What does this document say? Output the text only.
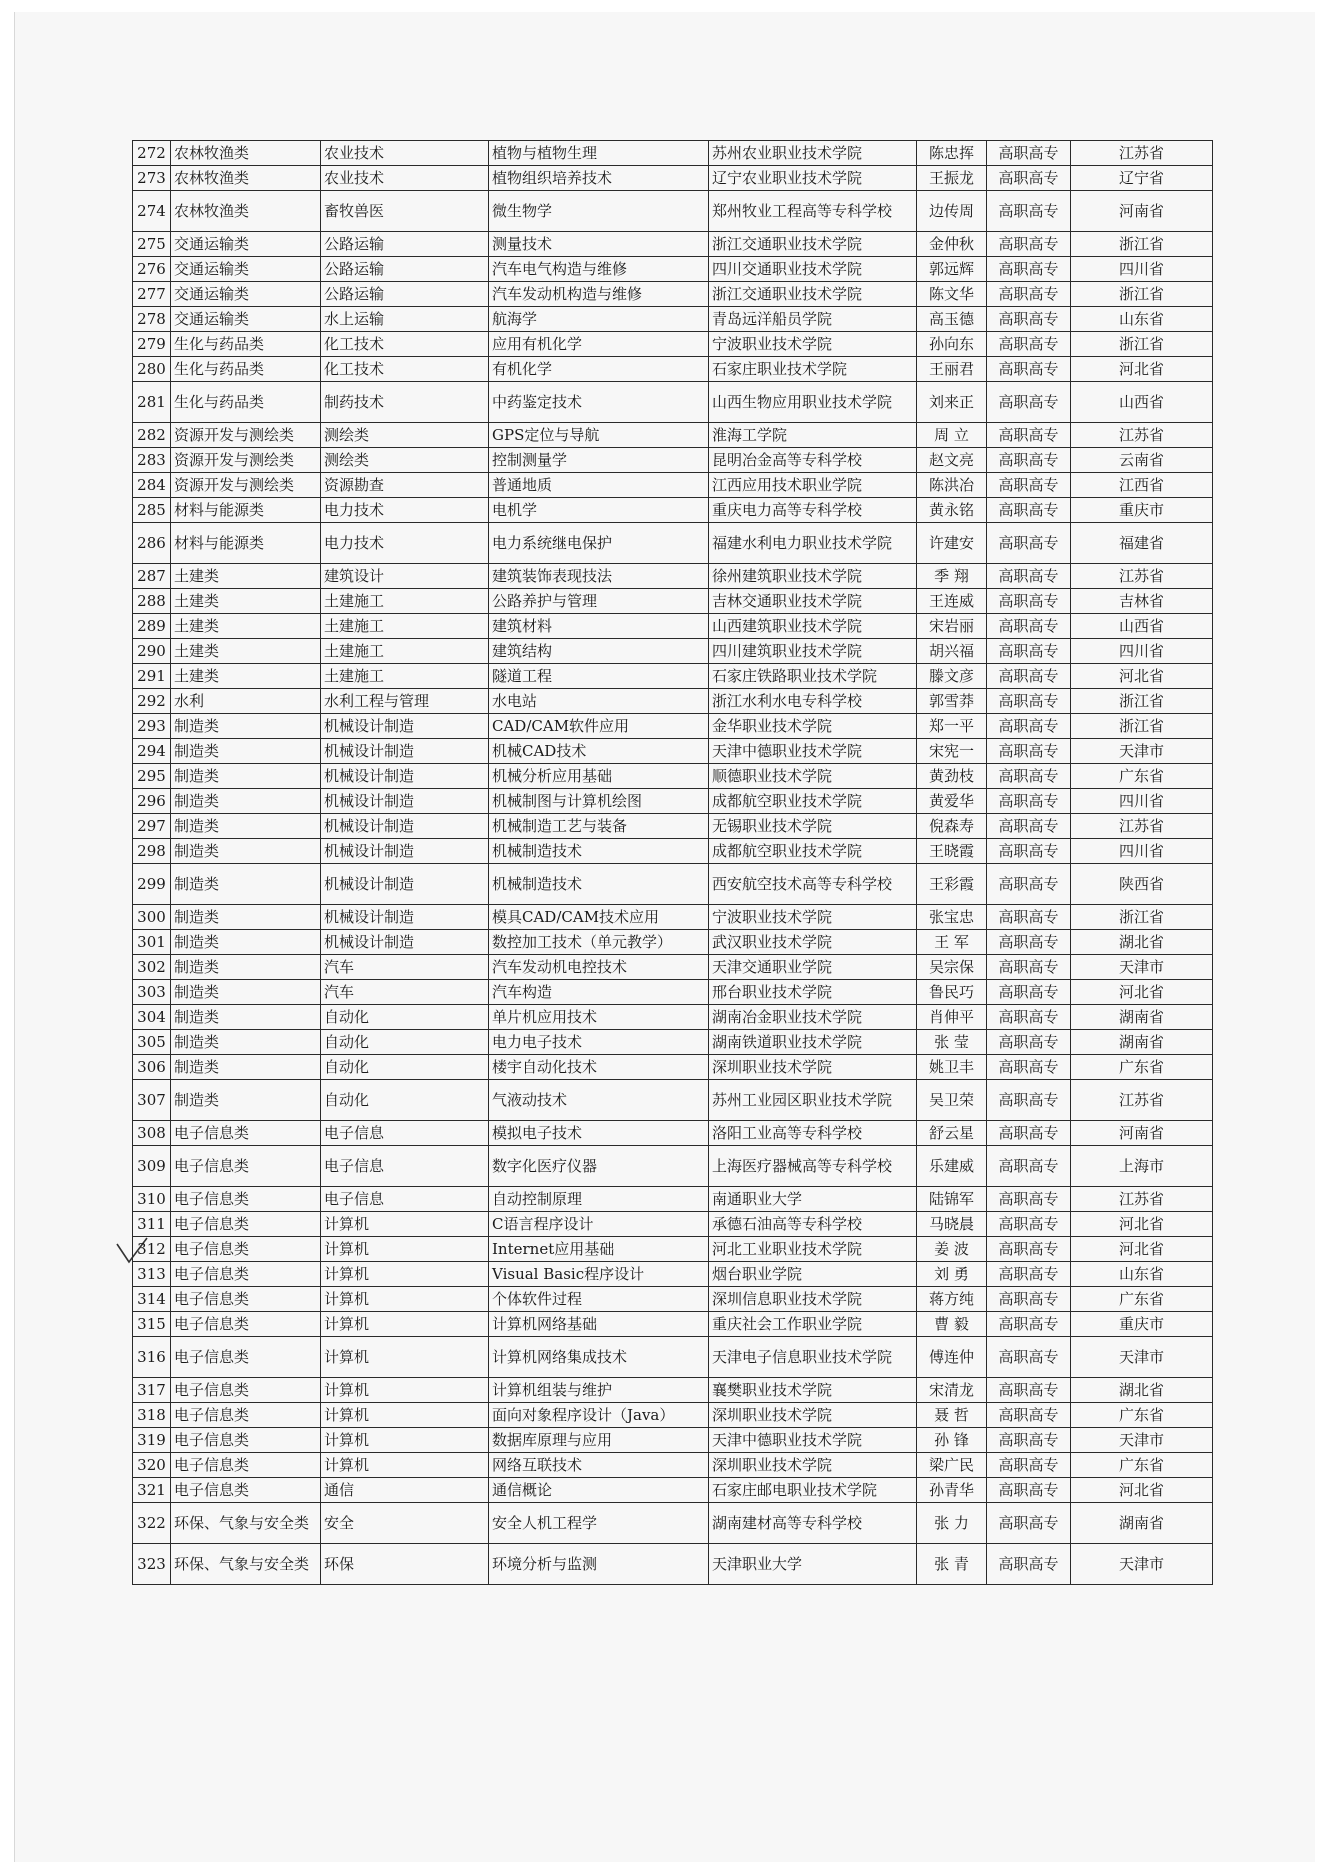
272	农林牧渔类	农业技术	植物与植物生理	苏州农业职业技术学院	陈忠挥	高职高专	江苏省
273	农林牧渔类	农业技术	植物组织培养技术	辽宁农业职业技术学院	王振龙	高职高专	辽宁省
274	农林牧渔类	畜牧兽医	微生物学	郑州牧业工程高等专科学校	边传周	高职高专	河南省
275	交通运输类	公路运输	测量技术	浙江交通职业技术学院	金仲秋	高职高专	浙江省
276	交通运输类	公路运输	汽车电气构造与维修	四川交通职业技术学院	郭远辉	高职高专	四川省
277	交通运输类	公路运输	汽车发动机构造与维修	浙江交通职业技术学院	陈文华	高职高专	浙江省
278	交通运输类	水上运输	航海学	青岛远洋船员学院	高玉德	高职高专	山东省
279	生化与药品类	化工技术	应用有机化学	宁波职业技术学院	孙向东	高职高专	浙江省
280	生化与药品类	化工技术	有机化学	石家庄职业技术学院	王丽君	高职高专	河北省
281	生化与药品类	制药技术	中药鉴定技术	山西生物应用职业技术学院	刘来正	高职高专	山西省
282	资源开发与测绘类	测绘类	GPS定位与导航	淮海工学院	周 立	高职高专	江苏省
283	资源开发与测绘类	测绘类	控制测量学	昆明冶金高等专科学校	赵文亮	高职高专	云南省
284	资源开发与测绘类	资源勘查	普通地质	江西应用技术职业学院	陈洪冶	高职高专	江西省
285	材料与能源类	电力技术	电机学	重庆电力高等专科学校	黄永铭	高职高专	重庆市
286	材料与能源类	电力技术	电力系统继电保护	福建水利电力职业技术学院	许建安	高职高专	福建省
287	土建类	建筑设计	建筑装饰表现技法	徐州建筑职业技术学院	季 翔	高职高专	江苏省
288	土建类	土建施工	公路养护与管理	吉林交通职业技术学院	王连威	高职高专	吉林省
289	土建类	土建施工	建筑材料	山西建筑职业技术学院	宋岩丽	高职高专	山西省
290	土建类	土建施工	建筑结构	四川建筑职业技术学院	胡兴福	高职高专	四川省
291	土建类	土建施工	隧道工程	石家庄铁路职业技术学院	滕文彦	高职高专	河北省
292	水利	水利工程与管理	水电站	浙江水利水电专科学校	郭雪莽	高职高专	浙江省
293	制造类	机械设计制造	CAD/CAM软件应用	金华职业技术学院	郑一平	高职高专	浙江省
294	制造类	机械设计制造	机械CAD技术	天津中德职业技术学院	宋宪一	高职高专	天津市
295	制造类	机械设计制造	机械分析应用基础	顺德职业技术学院	黄劲枝	高职高专	广东省
296	制造类	机械设计制造	机械制图与计算机绘图	成都航空职业技术学院	黄爱华	高职高专	四川省
297	制造类	机械设计制造	机械制造工艺与装备	无锡职业技术学院	倪森寿	高职高专	江苏省
298	制造类	机械设计制造	机械制造技术	成都航空职业技术学院	王晓霞	高职高专	四川省
299	制造类	机械设计制造	机械制造技术	西安航空技术高等专科学校	王彩霞	高职高专	陕西省
300	制造类	机械设计制造	模具CAD/CAM技术应用	宁波职业技术学院	张宝忠	高职高专	浙江省
301	制造类	机械设计制造	数控加工技术（单元教学）	武汉职业技术学院	王 军	高职高专	湖北省
302	制造类	汽车	汽车发动机电控技术	天津交通职业学院	吴宗保	高职高专	天津市
303	制造类	汽车	汽车构造	邢台职业技术学院	鲁民巧	高职高专	河北省
304	制造类	自动化	单片机应用技术	湖南冶金职业技术学院	肖伸平	高职高专	湖南省
305	制造类	自动化	电力电子技术	湖南铁道职业技术学院	张 莹	高职高专	湖南省
306	制造类	自动化	楼宇自动化技术	深圳职业技术学院	姚卫丰	高职高专	广东省
307	制造类	自动化	气液动技术	苏州工业园区职业技术学院	吴卫荣	高职高专	江苏省
308	电子信息类	电子信息	模拟电子技术	洛阳工业高等专科学校	舒云星	高职高专	河南省
309	电子信息类	电子信息	数字化医疗仪器	上海医疗器械高等专科学校	乐建威	高职高专	上海市
310	电子信息类	电子信息	自动控制原理	南通职业大学	陆锦军	高职高专	江苏省
311	电子信息类	计算机	C语言程序设计	承德石油高等专科学校	马晓晨	高职高专	河北省
312	电子信息类	计算机	Internet应用基础	河北工业职业技术学院	姜 波	高职高专	河北省
313	电子信息类	计算机	Visual Basic程序设计	烟台职业学院	刘 勇	高职高专	山东省
314	电子信息类	计算机	个体软件过程	深圳信息职业技术学院	蒋方纯	高职高专	广东省
315	电子信息类	计算机	计算机网络基础	重庆社会工作职业学院	曹 毅	高职高专	重庆市
316	电子信息类	计算机	计算机网络集成技术	天津电子信息职业技术学院	傅连仲	高职高专	天津市
317	电子信息类	计算机	计算机组装与维护	襄樊职业技术学院	宋清龙	高职高专	湖北省
318	电子信息类	计算机	面向对象程序设计（Java）	深圳职业技术学院	聂 哲	高职高专	广东省
319	电子信息类	计算机	数据库原理与应用	天津中德职业技术学院	孙 锋	高职高专	天津市
320	电子信息类	计算机	网络互联技术	深圳职业技术学院	梁广民	高职高专	广东省
321	电子信息类	通信	通信概论	石家庄邮电职业技术学院	孙青华	高职高专	河北省
322	环保、气象与安全类	安全	安全人机工程学	湖南建材高等专科学校	张 力	高职高专	湖南省
323	环保、气象与安全类	环保	环境分析与监测	天津职业大学	张 青	高职高专	天津市
